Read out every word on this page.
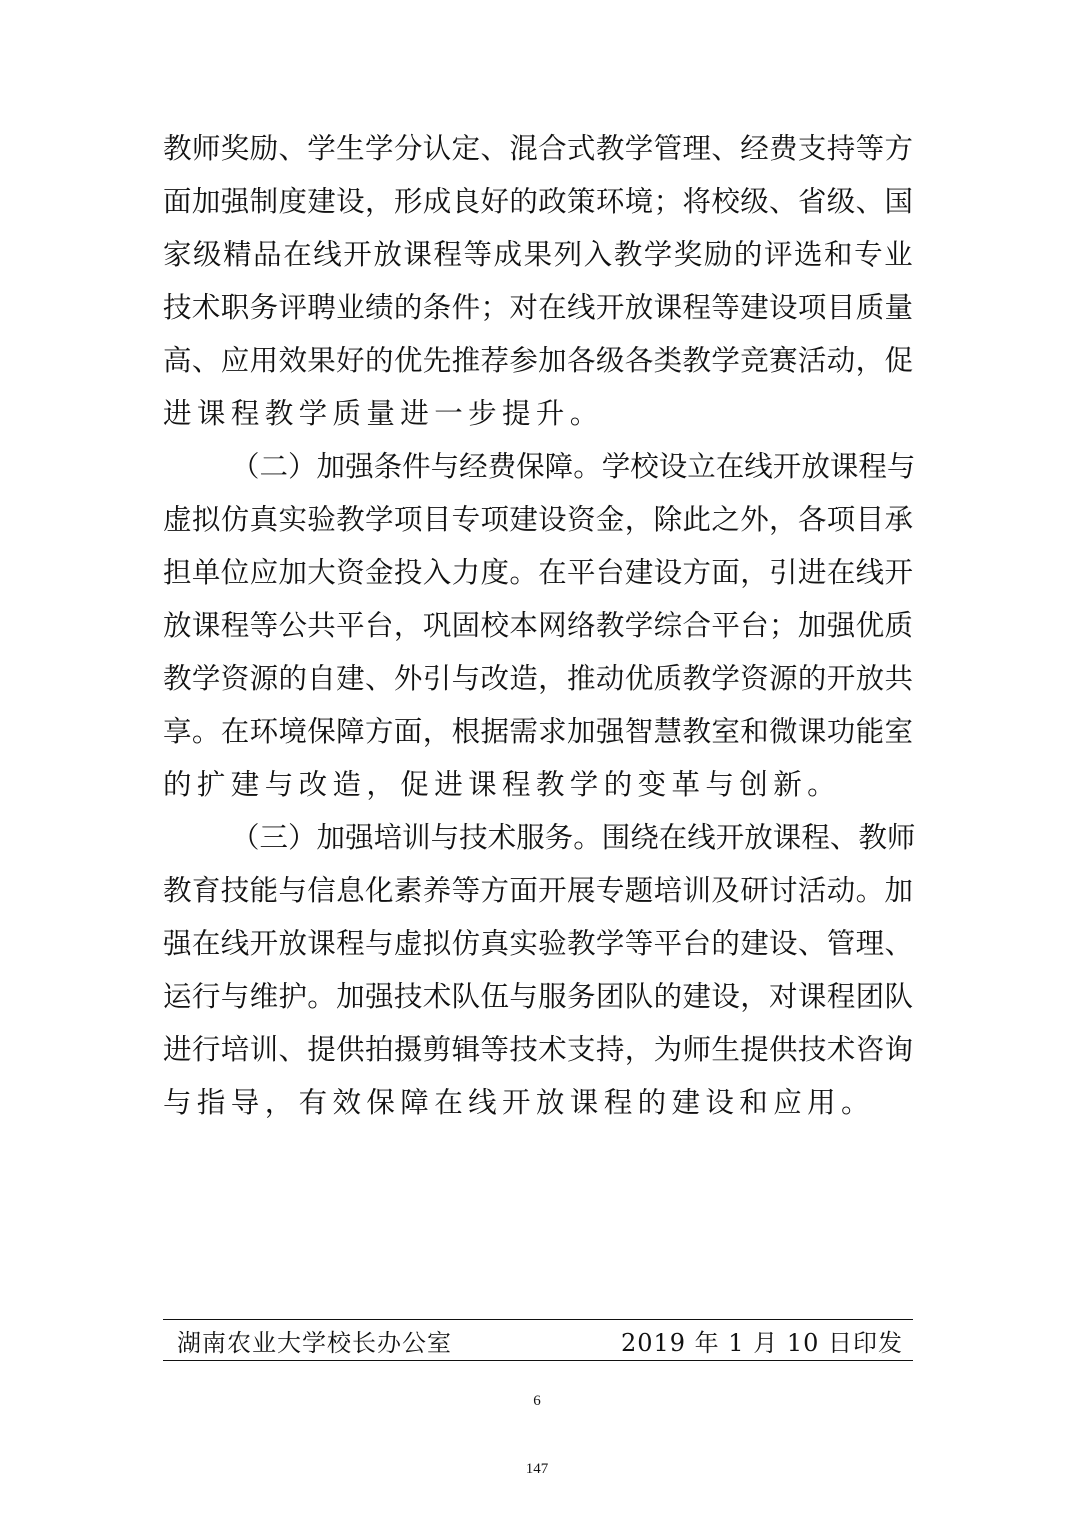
教 师 奖 励 、 学 生 学 分 认 定 、 混 合 式 教 学 管 理 、 经 费 支 持 等 方
面 加 强 制 度 建 设 ， 形 成 良 好 的 政 策 环 境 ； 将 校 级 、 省 级 、 国
家 级 精 品 在 线 开 放 课 程 等 成 果 列 入 教 学 奖 励 的 评 选 和 专 业
技 术 职 务 评 聘 业 绩 的 条 件 ； 对 在 线 开 放 课 程 等 建 设 项 目 质 量
高 、 应 用 效 果 好 的 优 先 推 荐 参 加 各 级 各 类 教 学 竞 赛 活 动 ， 促
进课程教学质量进一步提升。
（ 二 ） 加 强 条 件 与 经 费 保 障 。 学 校 设 立 在 线 开 放 课 程 与
虚 拟 仿 真 实 验 教 学 项 目 专 项 建 设 资 金 ， 除 此 之 外 ， 各 项 目 承
担 单 位 应 加 大 资 金 投 入 力 度 。 在 平 台 建 设 方 面 ， 引 进 在 线 开
放 课 程 等 公 共 平 台 ， 巩 固 校 本 网 络 教 学 综 合 平 台 ； 加 强 优 质
教 学 资 源 的 自 建 、 外 引 与 改 造 ， 推 动 优 质 教 学 资 源 的 开 放 共
享 。 在 环 境 保 障 方 面 ， 根 据 需 求 加 强 智 慧 教 室 和 微 课 功 能 室
的扩建与改造，促进课程教学的变革与创新。
（ 三 ） 加 强 培 训 与 技 术 服 务 。 围 绕 在 线 开 放 课 程 、 教 师
教 育 技 能 与 信 息 化 素 养 等 方 面 开 展 专 题 培 训 及 研 讨 活 动 。 加
强 在 线 开 放 课 程 与 虚 拟 仿 真 实 验 教 学 等 平 台 的 建 设 、 管 理 、
运 行 与 维 护 。 加 强 技 术 队 伍 与 服 务 团 队 的 建 设 ， 对 课 程 团 队
进 行 培 训 、 提 供 拍 摄 剪 辑 等 技 术 支 持 ， 为 师 生 提 供 技 术 咨 询
与指导，有效保障在线开放课程的建设和应用。
湖南农业大学校长办公室	2019 年 1 月 10 日印发
6
147
